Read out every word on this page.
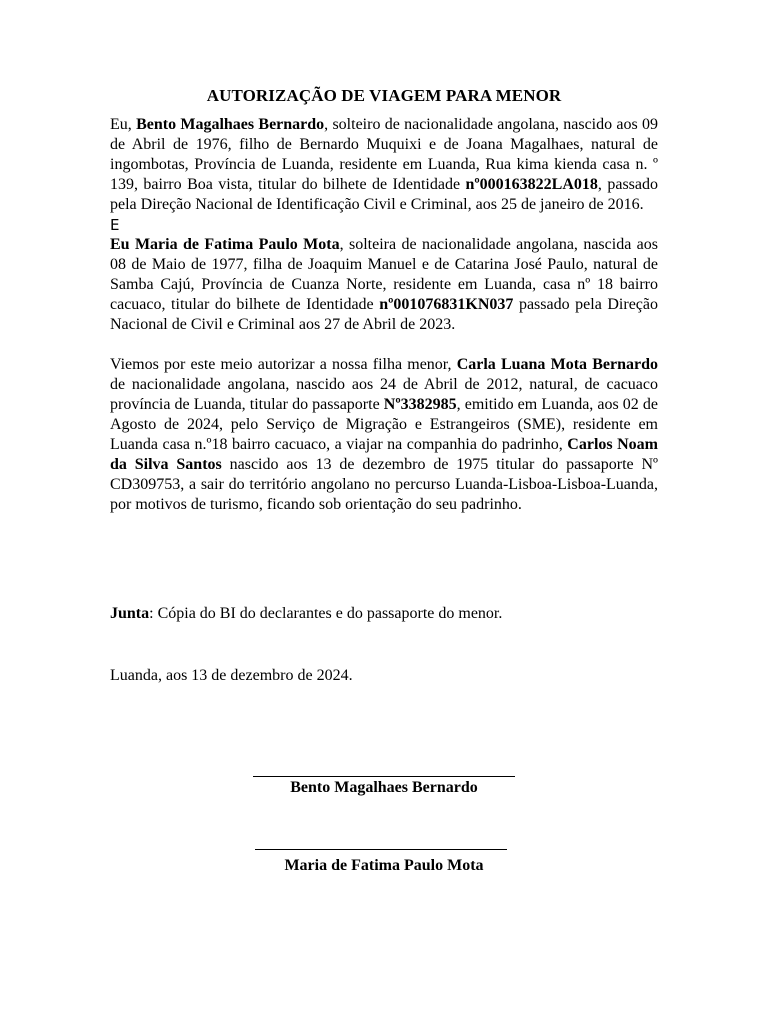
AUTORIZAÇÃO DE VIAGEM PARA MENOR

Eu, Bento Magalhaes Bernardo, solteiro de nacionalidade angolana, nascido aos 09 de Abril de 1976, filho de Bernardo Muquixi e de Joana Magalhaes, natural de ingombotas, Província de Luanda, residente em Luanda, Rua kima kienda casa n. º 139, bairro Boa vista, titular do bilhete de Identidade nº000163822LA018, passado pela Direção Nacional de Identificação Civil e Criminal, aos 25 de janeiro de 2016.

E

Eu Maria de Fatima Paulo Mota, solteira de nacionalidade angolana, nascida aos 08 de Maio de 1977, filha de Joaquim Manuel e de Catarina José Paulo, natural de Samba Cajú, Província de Cuanza Norte, residente em Luanda, casa nº 18 bairro cacuaco, titular do bilhete de Identidade nº001076831KN037 passado pela Direção Nacional de Civil e Criminal aos 27 de Abril de 2023.

Viemos por este meio autorizar a nossa filha menor, Carla Luana Mota Bernardo de nacionalidade angolana, nascido aos 24 de Abril de 2012, natural, de cacuaco província de Luanda, titular do passaporte Nº3382985, emitido em Luanda, aos 02 de Agosto de 2024, pelo Serviço de Migração e Estrangeiros (SME), residente em Luanda casa n.º18 bairro cacuaco, a viajar na companhia do padrinho, Carlos Noam da Silva Santos nascido aos 13 de dezembro de 1975 titular do passaporte Nº CD309753, a sair do território angolano no percurso Luanda-Lisboa-Lisboa-Luanda, por motivos de turismo, ficando sob orientação do seu padrinho.

Junta: Cópia do BI do declarantes e do passaporte do menor.
Luanda, aos 13 de dezembro de 2024.
Bento Magalhaes Bernardo
Maria de Fatima Paulo Mota
